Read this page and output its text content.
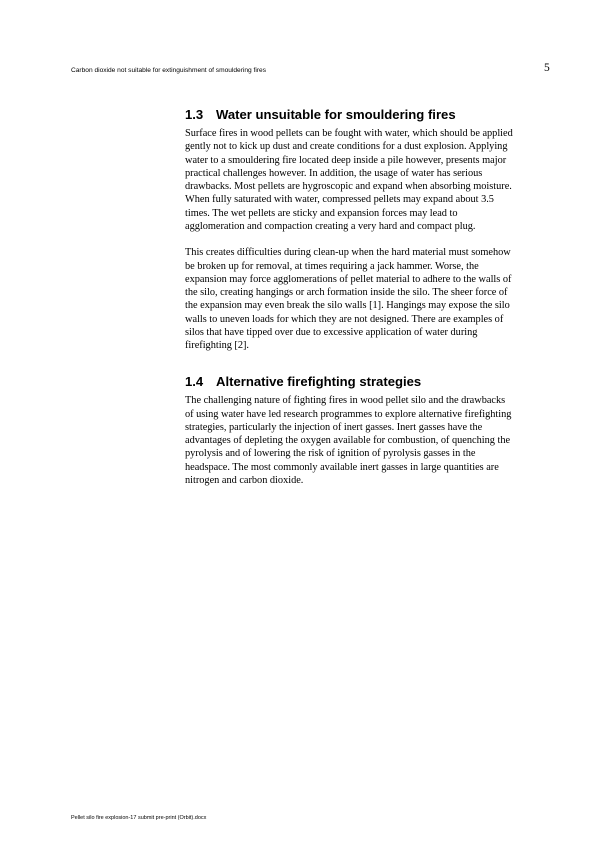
Carbon dioxide not suitable for extinguishment of smouldering fires	5
1.3 Water unsuitable for smouldering fires

Surface fires in wood pellets can be fought with water, which should be applied
gently not to kick up dust and create conditions for a dust explosion. Applying
water to a smouldering fire located deep inside a pile however, presents major
practical challenges however. In addition, the usage of water has serious
drawbacks. Most pellets are hygroscopic and expand when absorbing moisture.
When fully saturated with water, compressed pellets may expand about 3.5
times. The wet pellets are sticky and expansion forces may lead to
agglomeration and compaction creating a very hard and compact plug.

This creates difficulties during clean-up when the hard material must somehow
be broken up for removal, at times requiring a jack hammer. Worse, the
expansion may force agglomerations of pellet material to adhere to the walls of
the silo, creating hangings or arch formation inside the silo. The sheer force of
the expansion may even break the silo walls [1]. Hangings may expose the silo
walls to uneven loads for which they are not designed. There are examples of
silos that have tipped over due to excessive application of water during
firefighting [2].

1.4 Alternative firefighting strategies

The challenging nature of fighting fires in wood pellet silo and the drawbacks
of using water have led research programmes to explore alternative firefighting
strategies, particularly the injection of inert gasses. Inert gasses have the
advantages of depleting the oxygen available for combustion, of quenching the
pyrolysis and of lowering the risk of ignition of pyrolysis gasses in the
headspace. The most commonly available inert gasses in large quantities are
nitrogen and carbon dioxide.

Pellet silo fire explosion-17 submit pre-print (Orbit).docx
